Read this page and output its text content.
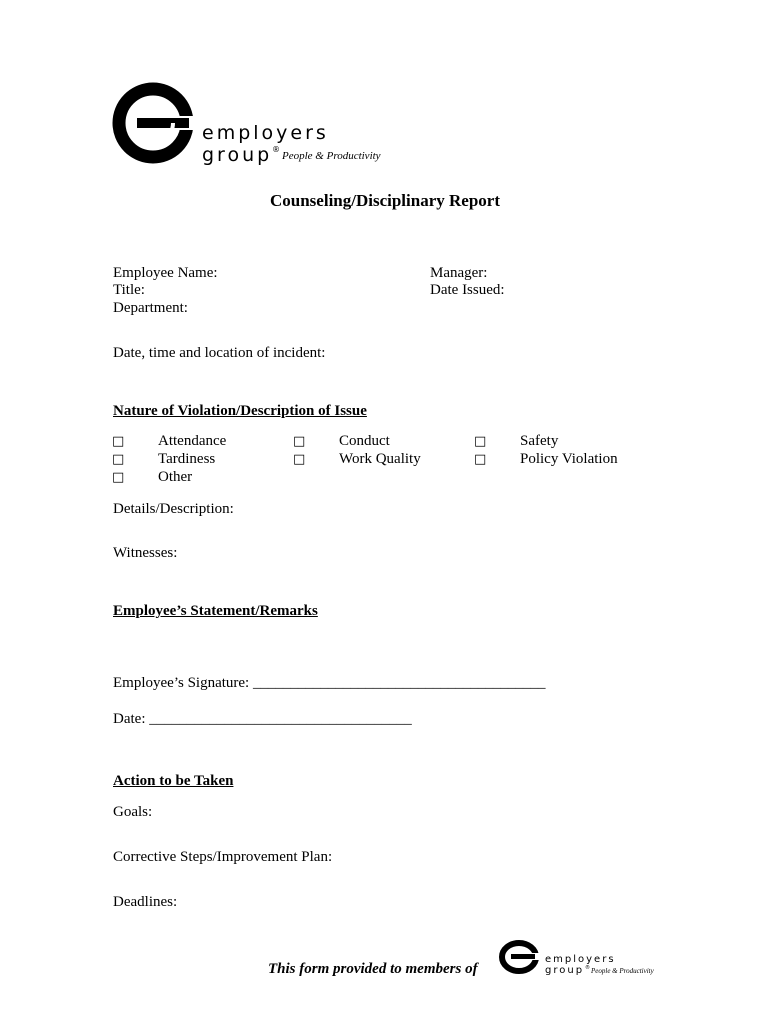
employers
group ®
People & Productivity
Counseling/Disciplinary Report
Employee Name:
Title:
Department:
Manager:
Date Issued:
Date, time and location of incident:
Nature of Violation/Description of Issue
□ Attendance
□ Tardiness
□ Other
□ Conduct
□ Work Quality
□ Safety
□ Policy Violation
Details/Description:
Witnesses:
Employee’s Statement/Remarks
Employee’s Signature: _______________________________________
Date: ___________________________________
Action to be Taken
Goals:
Corrective Steps/Improvement Plan:
Deadlines:
This form provided to members of
employers
group ® People & Productivity
